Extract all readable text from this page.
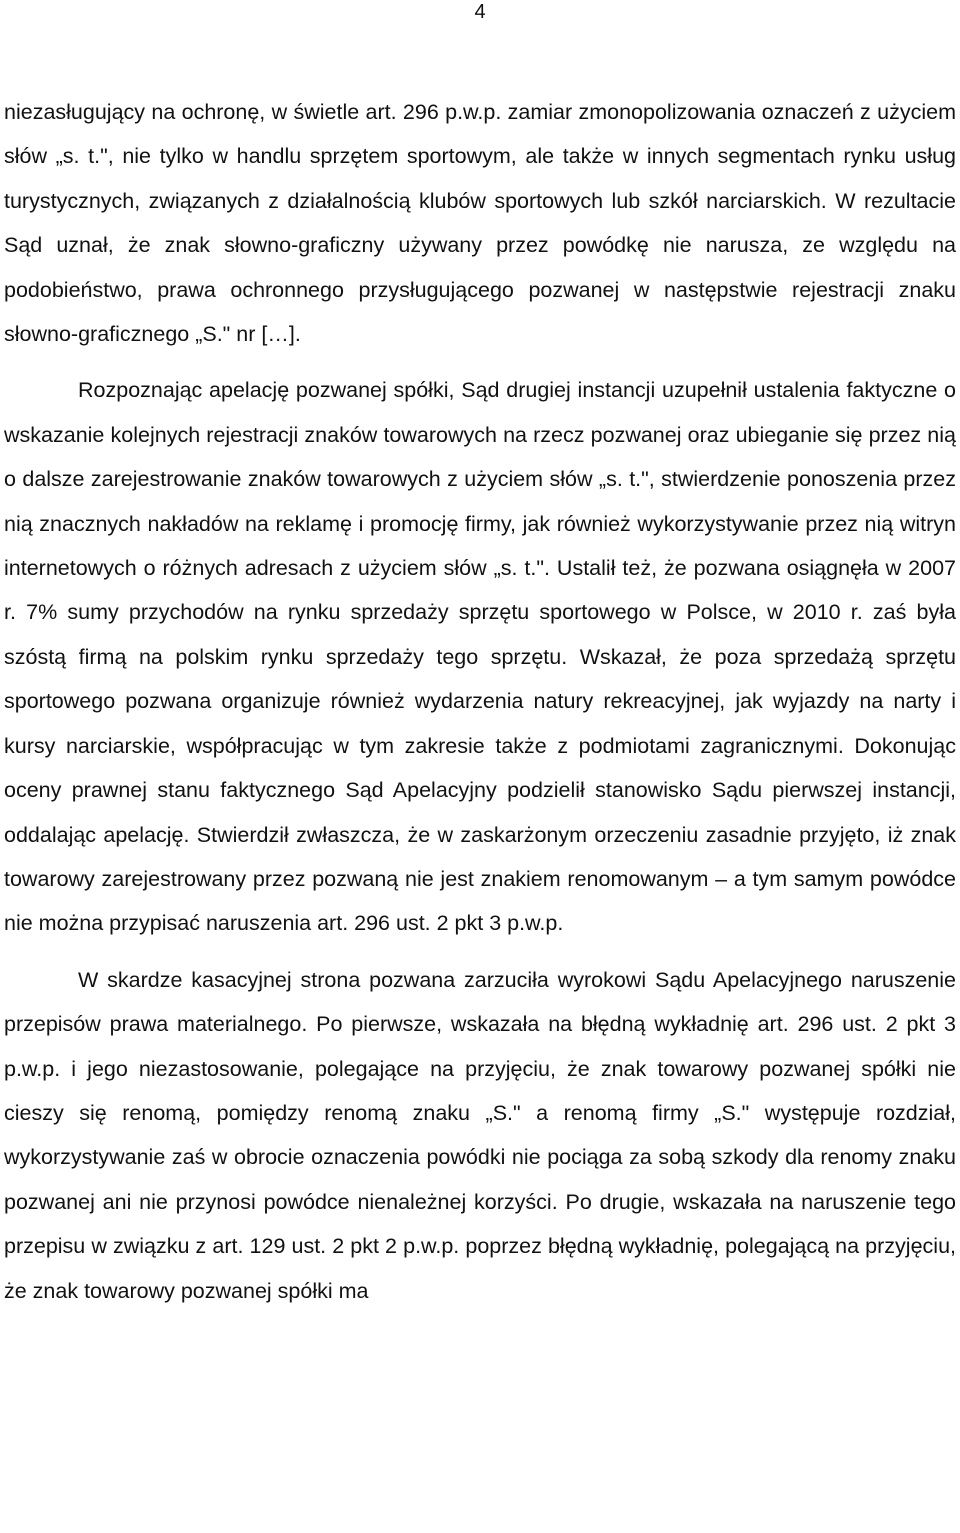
4

niezasługujący na ochronę, w świetle art. 296 p.w.p. zamiar zmonopolizowania oznaczeń z użyciem słów „s. t.", nie tylko w handlu sprzętem sportowym, ale także w innych segmentach rynku usług turystycznych, związanych z działalnością klubów sportowych lub szkół narciarskich. W rezultacie Sąd uznał, że znak słowno-graficzny używany przez powódkę nie narusza, ze względu na podobieństwo, prawa ochronnego przysługującego pozwanej w następstwie rejestracji znaku słowno-graficznego „S." nr […].

Rozpoznając apelację pozwanej spółki, Sąd drugiej instancji uzupełnił ustalenia faktyczne o wskazanie kolejnych rejestracji znaków towarowych na rzecz pozwanej oraz ubieganie się przez nią o dalsze zarejestrowanie znaków towarowych z użyciem słów „s. t.", stwierdzenie ponoszenia przez nią znacznych nakładów na reklamę i promocję firmy, jak również wykorzystywanie przez nią witryn internetowych o różnych adresach z użyciem słów „s. t.". Ustalił też, że pozwana osiągnęła w 2007 r. 7% sumy przychodów na rynku sprzedaży sprzętu sportowego w Polsce, w 2010 r. zaś była szóstą firmą na polskim rynku sprzedaży tego sprzętu. Wskazał, że poza sprzedażą sprzętu sportowego pozwana organizuje również wydarzenia natury rekreacyjnej, jak wyjazdy na narty i kursy narciarskie, współpracując w tym zakresie także z podmiotami zagranicznymi. Dokonując oceny prawnej stanu faktycznego Sąd Apelacyjny podzielił stanowisko Sądu pierwszej instancji, oddalając apelację. Stwierdził zwłaszcza, że w zaskarżonym orzeczeniu zasadnie przyjęto, iż znak towarowy zarejestrowany przez pozwaną nie jest znakiem renomowanym – a tym samym powódce nie można przypisać naruszenia art. 296 ust. 2 pkt 3 p.w.p.

W skardze kasacyjnej strona pozwana zarzuciła wyrokowi Sądu Apelacyjnego naruszenie przepisów prawa materialnego. Po pierwsze, wskazała na błędną wykładnię art. 296 ust. 2 pkt 3 p.w.p. i jego niezastosowanie, polegające na przyjęciu, że znak towarowy pozwanej spółki nie cieszy się renomą, pomiędzy renomą znaku „S." a renomą firmy „S." występuje rozdział, wykorzystywanie zaś w obrocie oznaczenia powódki nie pociąga za sobą szkody dla renomy znaku pozwanej ani nie przynosi powódce nienależnej korzyści. Po drugie, wskazała na naruszenie tego przepisu w związku z art. 129 ust. 2 pkt 2 p.w.p. poprzez błędną wykładnię, polegającą na przyjęciu, że znak towarowy pozwanej spółki ma
